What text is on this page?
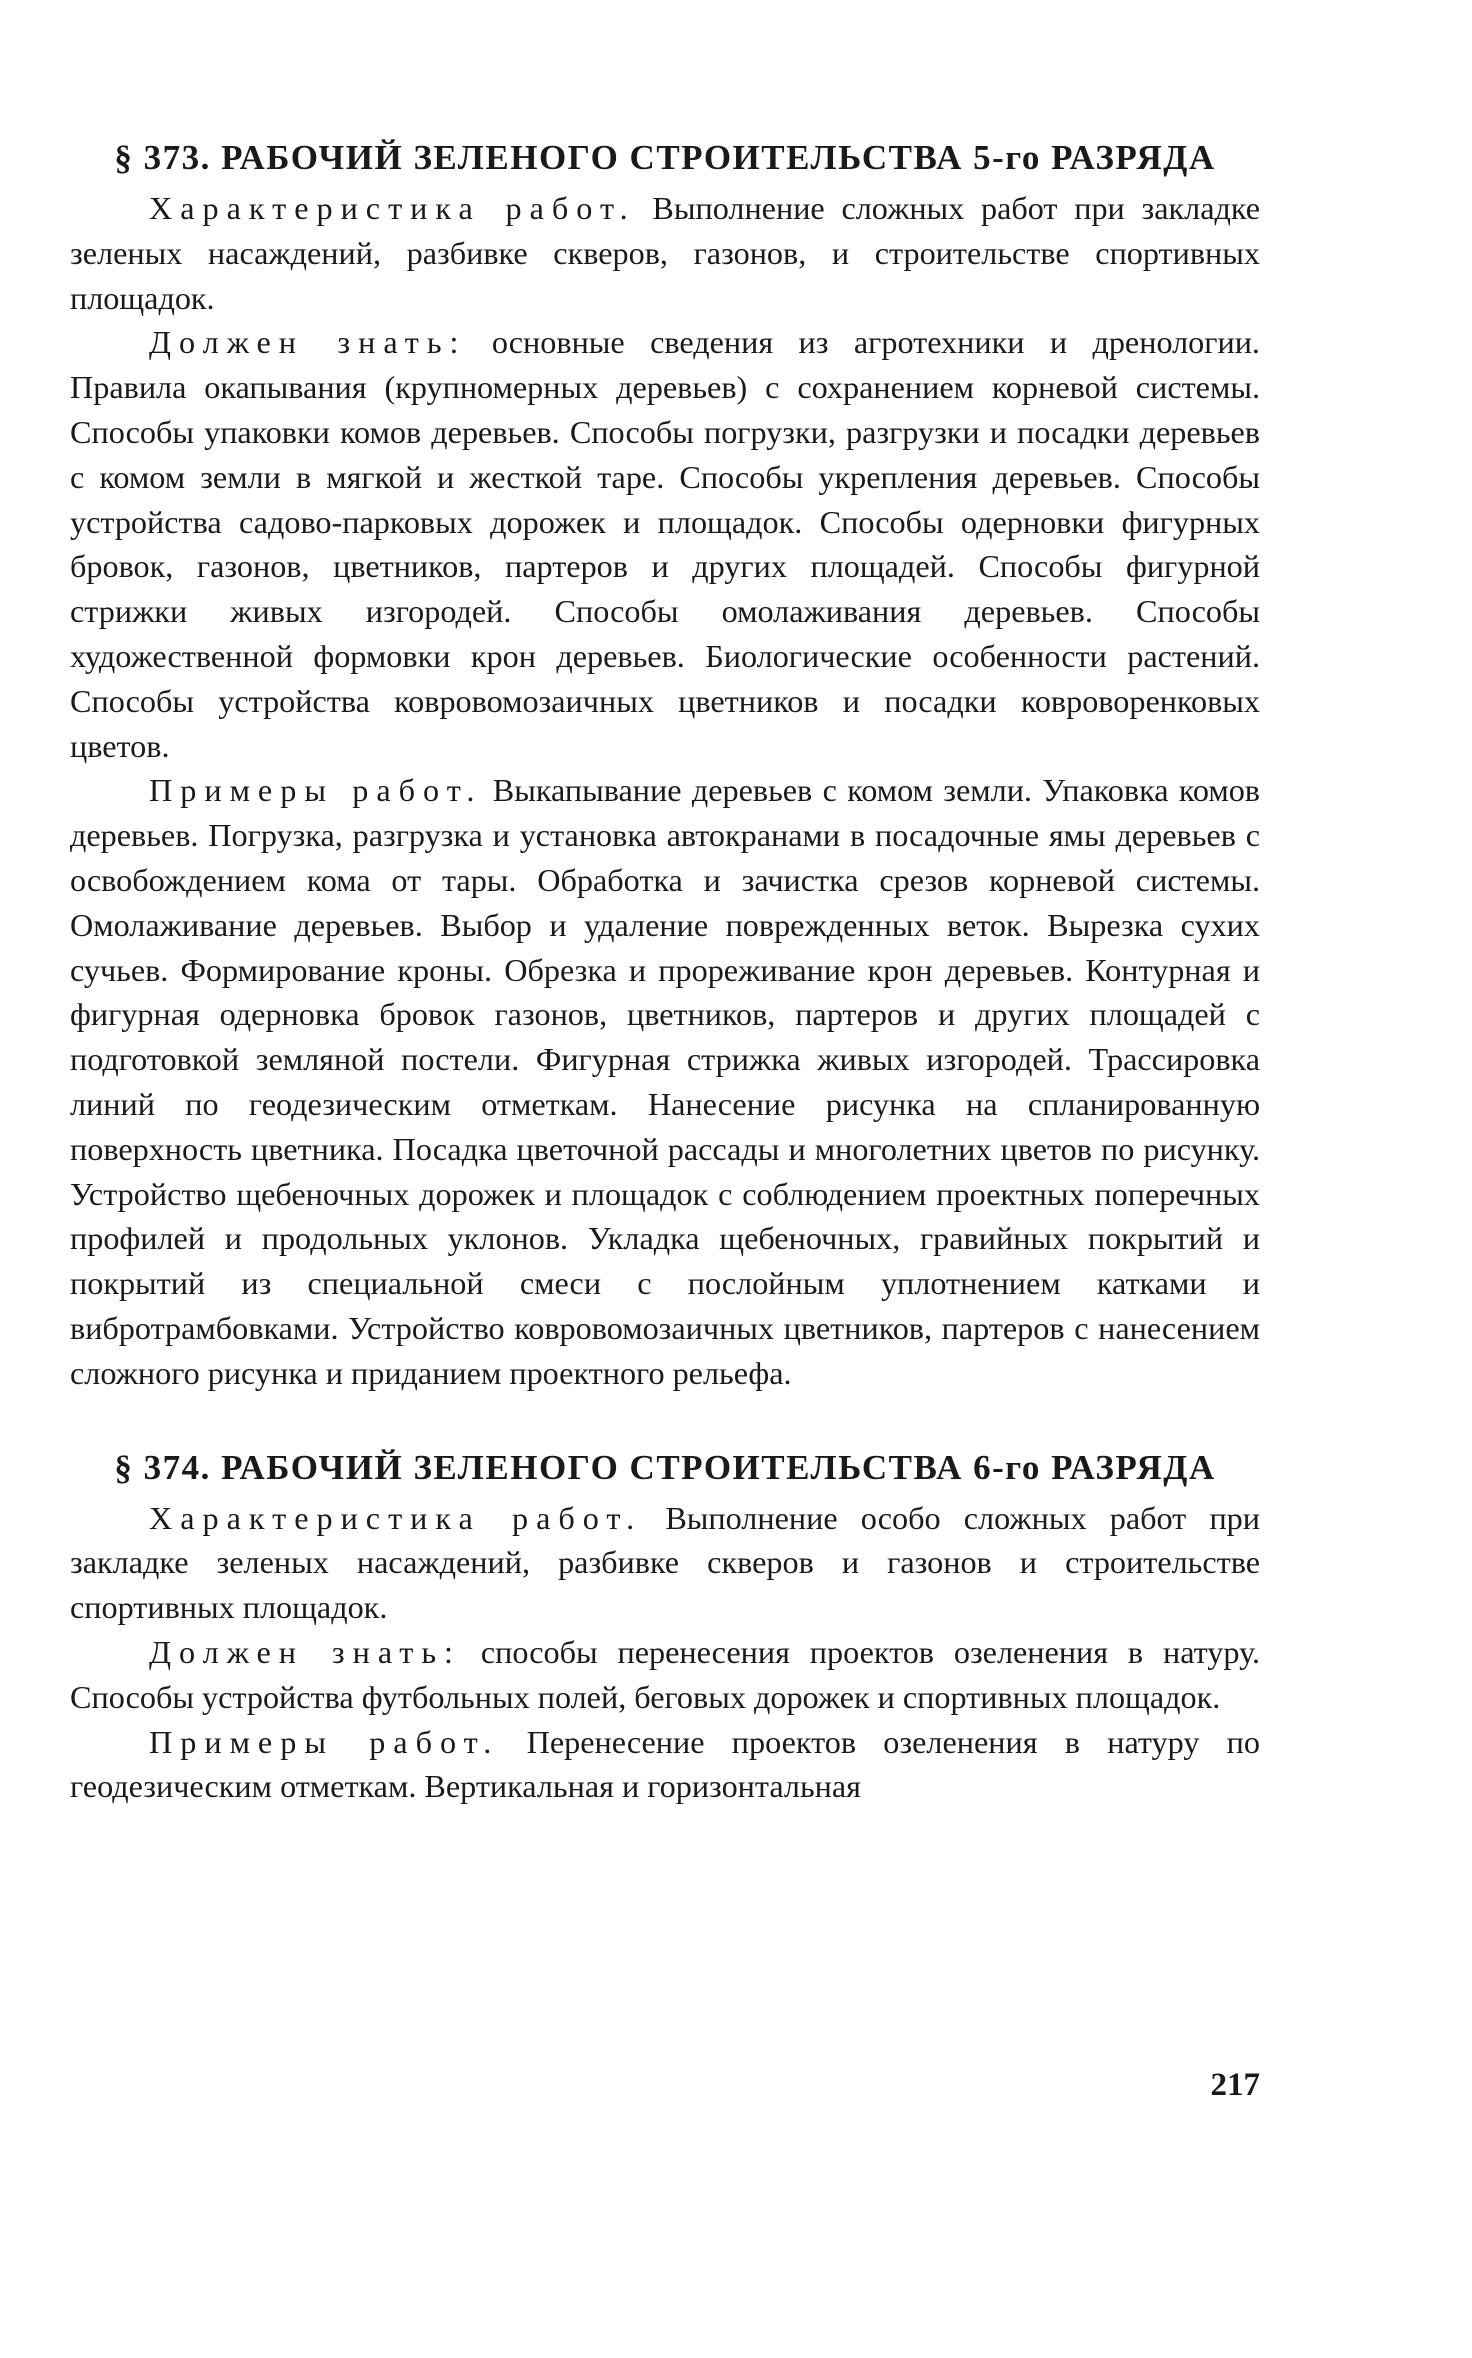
§ 373. РАБОЧИЙ ЗЕЛЕНОГО СТРОИТЕЛЬСТВА 5-го РАЗРЯДА

Характеристика работ. Выполнение сложных работ при закладке зеленых насаждений, разбивке скверов, газонов, и строительстве спортивных площадок.

Должен знать: основные сведения из агротехники и дренологии. Правила окапывания (крупномерных деревьев) с сохранением корневой системы. Способы упаковки комов деревьев. Способы погрузки, разгрузки и посадки деревьев с комом земли в мягкой и жесткой таре. Способы укрепления деревьев. Способы устройства садово-парковых дорожек и площадок. Способы одерновки фигурных бровок, газонов, цветников, партеров и других площадей. Способы фигурной стрижки живых изгородей. Способы омолаживания деревьев. Способы художественной формовки крон деревьев. Биологические особенности растений. Способы устройства ковровомозаичных цветников и посадки ковроворенковых цветов.

Примеры работ. Выкапывание деревьев с комом земли. Упаковка комов деревьев. Погрузка, разгрузка и установка автокранами в посадочные ямы деревьев с освобождением кома от тары. Обработка и зачистка срезов корневой системы. Омолаживание деревьев. Выбор и удаление поврежденных веток. Вырезка сухих сучьев. Формирование кроны. Обрезка и прореживание крон деревьев. Контурная и фигурная одерновка бровок газонов, цветников, партеров и других площадей с подготовкой земляной постели. Фигурная стрижка живых изгородей. Трассировка линий по геодезическим отметкам. Нанесение рисунка на спланированную поверхность цветника. Посадка цветочной рассады и многолетних цветов по рисунку. Устройство щебеночных дорожек и площадок с соблюдением проектных поперечных профилей и продольных уклонов. Укладка щебеночных, гравийных покрытий и покрытий из специальной смеси с послойным уплотнением катками и вибротрамбовками. Устройство ковровомозаичных цветников, партеров с нанесением сложного рисунка и приданием проектного рельефа.

§ 374. РАБОЧИЙ ЗЕЛЕНОГО СТРОИТЕЛЬСТВА 6-го РАЗРЯДА

Характеристика работ. Выполнение особо сложных работ при закладке зеленых насаждений, разбивке скверов и газонов и строительстве спортивных площадок.

Должен знать: способы перенесения проектов озеленения в натуру. Способы устройства футбольных полей, беговых дорожек и спортивных площадок.

Примеры работ. Перенесение проектов озеленения в натуру по геодезическим отметкам. Вертикальная и горизонтальная

217
